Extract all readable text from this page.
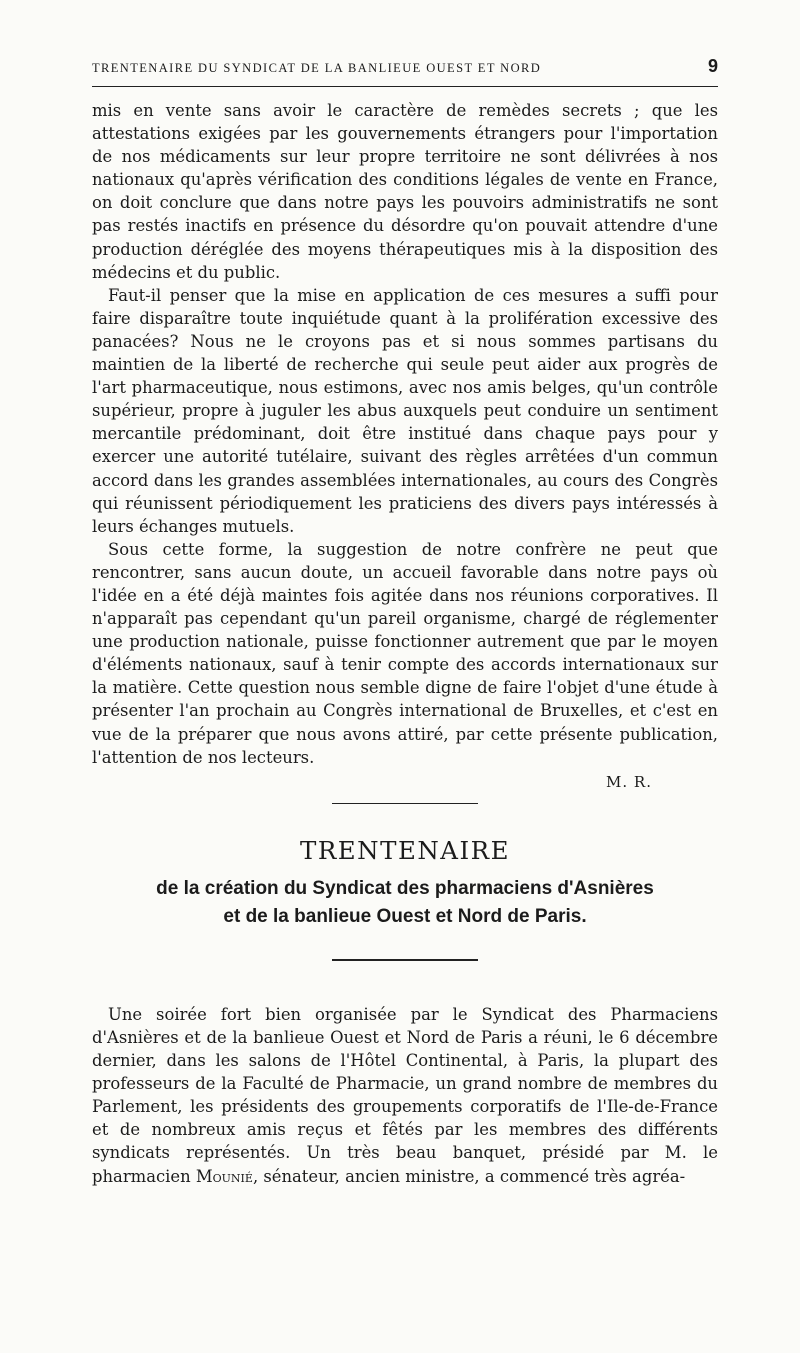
TRENTENAIRE DU SYNDICAT DE LA BANLIEUE OUEST ET NORD	9

mis en vente sans avoir le caractère de remèdes secrets ; que les attestations exigées par les gouvernements étrangers pour l'importation de nos médicaments sur leur propre territoire ne sont délivrées à nos nationaux qu'après vérification des conditions légales de vente en France, on doit conclure que dans notre pays les pouvoirs administratifs ne sont pas restés inactifs en présence du désordre qu'on pouvait attendre d'une production déréglée des moyens thérapeutiques mis à la disposition des médecins et du public.

Faut-il penser que la mise en application de ces mesures a suffi pour faire disparaître toute inquiétude quant à la prolifération excessive des panacées? Nous ne le croyons pas et si nous sommes partisans du maintien de la liberté de recherche qui seule peut aider aux progrès de l'art pharmaceutique, nous estimons, avec nos amis belges, qu'un contrôle supérieur, propre à juguler les abus auxquels peut conduire un sentiment mercantile prédominant, doit être institué dans chaque pays pour y exercer une autorité tutélaire, suivant des règles arrêtées d'un commun accord dans les grandes assemblées internationales, au cours des Congrès qui réunissent périodiquement les praticiens des divers pays intéressés à leurs échanges mutuels.

Sous cette forme, la suggestion de notre confrère ne peut que rencontrer, sans aucun doute, un accueil favorable dans notre pays où l'idée en a été déjà maintes fois agitée dans nos réunions corporatives. Il n'apparaît pas cependant qu'un pareil organisme, chargé de réglementer une production nationale, puisse fonctionner autrement que par le moyen d'éléments nationaux, sauf à tenir compte des accords internationaux sur la matière. Cette question nous semble digne de faire l'objet d'une étude à présenter l'an prochain au Congrès international de Bruxelles, et c'est en vue de la préparer que nous avons attiré, par cette présente publication, l'attention de nos lecteurs.

M. R.
TRENTENAIRE
de la création du Syndicat des pharmaciens d'Asnières
et de la banlieue Ouest et Nord de Paris.

Une soirée fort bien organisée par le Syndicat des Pharmaciens d'Asnières et de la banlieue Ouest et Nord de Paris a réuni, le 6 décembre dernier, dans les salons de l'Hôtel Continental, à Paris, la plupart des professeurs de la Faculté de Pharmacie, un grand nombre de membres du Parlement, les présidents des groupements corporatifs de l'Ile-de-France et de nombreux amis reçus et fêtés par les membres des différents syndicats représentés. Un très beau banquet, présidé par M. le pharmacien Mounié, sénateur, ancien ministre, a commencé très agréa-
